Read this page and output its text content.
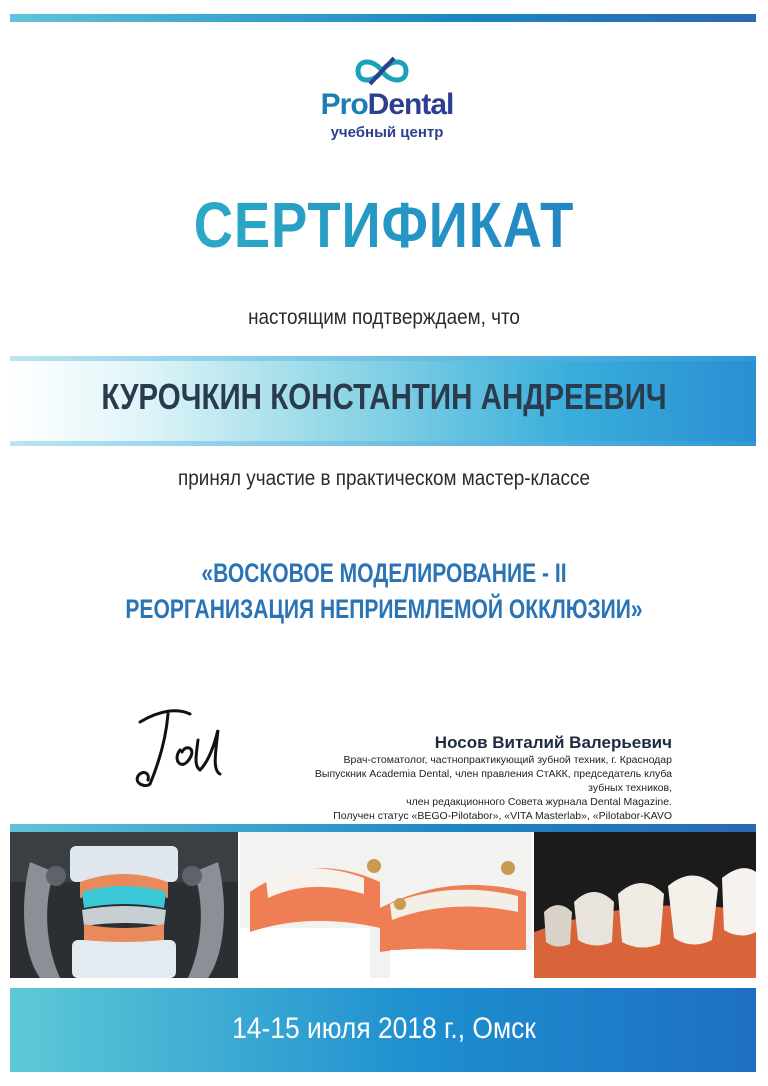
ProDental
учебный центр
СЕРТИФИКАТ
настоящим подтверждаем, что
КУРОЧКИН КОНСТАНТИН АНДРЕЕВИЧ
принял участие в практическом мастер-классе
«ВОСКОВОЕ МОДЕЛИРОВАНИЕ - II
РЕОРГАНИЗАЦИЯ НЕПРИЕМЛЕМОЙ ОККЛЮЗИИ»
Носов Виталий Валерьевич
Врач-стоматолог, частнопрактикующий зубной техник, г. Краснодар
Выпускник Academia Dental, член правления СтАКК, председатель клуба зубных техников,
член редакционного Совета журнала Dental Magazine.
Получен статус «BEGO-Pilotabor», «VITA Masterlab», «Pilotabor-KAVO
14-15 июля 2018 г., Омск
